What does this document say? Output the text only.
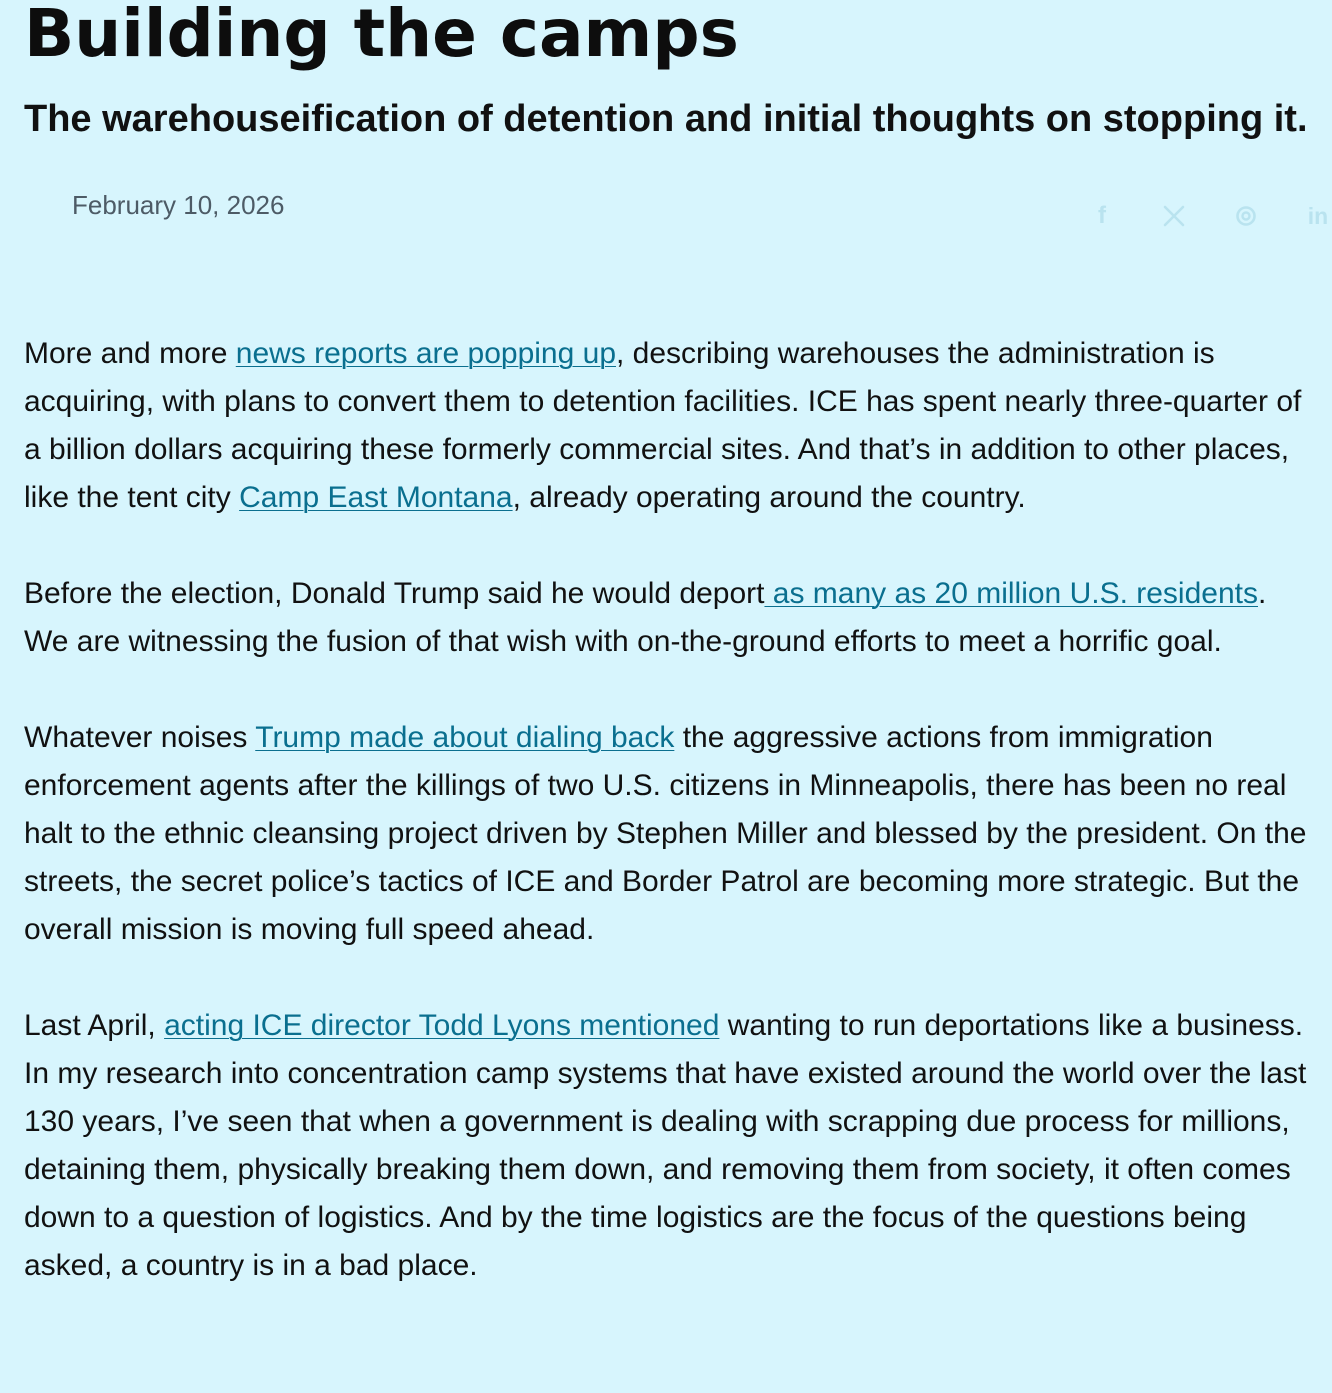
Building the camps
The warehouseification of detention and initial thoughts on stopping it.
February 10, 2026	f	in

More and more news reports are popping up, describing warehouses the administration is acquiring, with plans to convert them to detention facilities. ICE has spent nearly three-quarter of a billion dollars acquiring these formerly commercial sites. And that’s in addition to other places, like the tent city Camp East Montana, already operating around the country.

Before the election, Donald Trump said he would deport as many as 20 million U.S. residents. We are witnessing the fusion of that wish with on-the-ground efforts to meet a horrific goal.

Whatever noises Trump made about dialing back the aggressive actions from immigration enforcement agents after the killings of two U.S. citizens in Minneapolis, there has been no real halt to the ethnic cleansing project driven by Stephen Miller and blessed by the president. On the streets, the secret police’s tactics of ICE and Border Patrol are becoming more strategic. But the overall mission is moving full speed ahead.

Last April, acting ICE director Todd Lyons mentioned wanting to run deportations like a business. In my research into concentration camp systems that have existed around the world over the last 130 years, I’ve seen that when a government is dealing with scrapping due process for millions, detaining them, physically breaking them down, and removing them from society, it often comes down to a question of logistics. And by the time logistics are the focus of the questions being asked, a country is in a bad place.
